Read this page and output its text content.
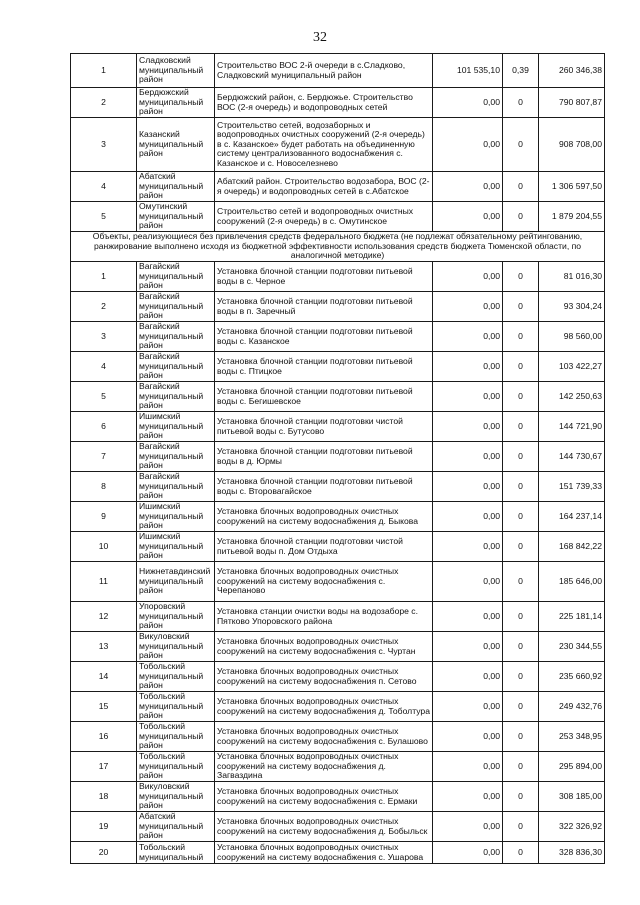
32
1	Сладковский муниципальный район	Строительство ВОС 2-й очереди в с.Сладково, Сладковский муниципальный район	101 535,10	0,39	260 346,38
2	Бердюжский муниципальный район	Бердюжский район, с. Бердюжье. Строительство ВОС (2-я очередь) и водопроводных сетей	0,00	0	790 807,87
3	Казанский муниципальный район	Строительство сетей, водозаборных и водопроводных очистных сооружений (2-я очередь) в с. Казанское» будет работать на объединенную систему централизованного водоснабжения с. Казанское и с. Новоселезнево	0,00	0	908 708,00
4	Абатский муниципальный район	Абатский район. Строительство водозабора, ВОС (2-я очередь) и водопроводных сетей в с.Абатское	0,00	0	1 306 597,50
5	Омутинский муниципальный район	Строительство сетей и водопроводных очистных сооружений (2-я очередь) в с. Омутинское	0,00	0	1 879 204,55
Объекты, реализующиеся без привлечения средств федерального бюджета (не подлежат обязательному рейтингованию, ранжирование выполнено исходя из бюджетной эффективности использования средств бюджета Тюменской области, по аналогичной методике)					
1	Вагайский муниципальный район	Установка блочной станции подготовки питьевой воды в с. Черное	0,00	0	81 016,30
2	Вагайский муниципальный район	Установка блочной станции подготовки питьевой воды в п. Заречный	0,00	0	93 304,24
3	Вагайский муниципальный район	Установка блочной станции подготовки питьевой воды с. Казанское	0,00	0	98 560,00
4	Вагайский муниципальный район	Установка блочной станции подготовки питьевой воды с. Птицкое	0,00	0	103 422,27
5	Вагайский муниципальный район	Установка блочной станции подготовки питьевой воды с. Бегишевское	0,00	0	142 250,63
6	Ишимский муниципальный район	Установка блочной станции подготовки чистой питьевой воды с. Бутусово	0,00	0	144 721,90
7	Вагайский муниципальный район	Установка блочной станции подготовки питьевой воды в д. Юрмы	0,00	0	144 730,67
8	Вагайский муниципальный район	Установка блочной станции подготовки питьевой воды с. Второвагайское	0,00	0	151 739,33
9	Ишимский муниципальный район	Установка блочных водопроводных очистных сооружений на систему водоснабжения д. Быкова	0,00	0	164 237,14
10	Ишимский муниципальный район	Установка блочной станции подготовки чистой питьевой воды п. Дом Отдыха	0,00	0	168 842,22
11	Нижнетавдинский муниципальный район	Установка блочных водопроводных очистных сооружений на систему водоснабжения с. Черепаново	0,00	0	185 646,00
12	Упоровский муниципальный район	Установка станции очистки воды на водозаборе с. Пятково Упоровского района	0,00	0	225 181,14
13	Викуловский муниципальный район	Установка блочных водопроводных очистных сооружений на систему водоснабжения с. Чуртан	0,00	0	230 344,55
14	Тобольский муниципальный район	Установка блочных водопроводных очистных сооружений на систему водоснабжения п. Сетово	0,00	0	235 660,92
15	Тобольский муниципальный район	Установка блочных водопроводных очистных сооружений на систему водоснабжения д. Тоболтура	0,00	0	249 432,76
16	Тобольский муниципальный район	Установка блочных водопроводных очистных сооружений на систему водоснабжения с. Булашово	0,00	0	253 348,95
17	Тобольский муниципальный район	Установка блочных водопроводных очистных сооружений на систему водоснабжения д. Загваздина	0,00	0	295 894,00
18	Викуловский муниципальный район	Установка блочных водопроводных очистных сооружений на систему водоснабжения с. Ермаки	0,00	0	308 185,00
19	Абатский муниципальный район	Установка блочных водопроводных очистных сооружений на систему водоснабжения д. Бобыльск	0,00	0	322 326,92
20	Тобольский муниципальный	Установка блочных водопроводных очистных сооружений на систему водоснабжения с. Ушарова	0,00	0	328 836,30
